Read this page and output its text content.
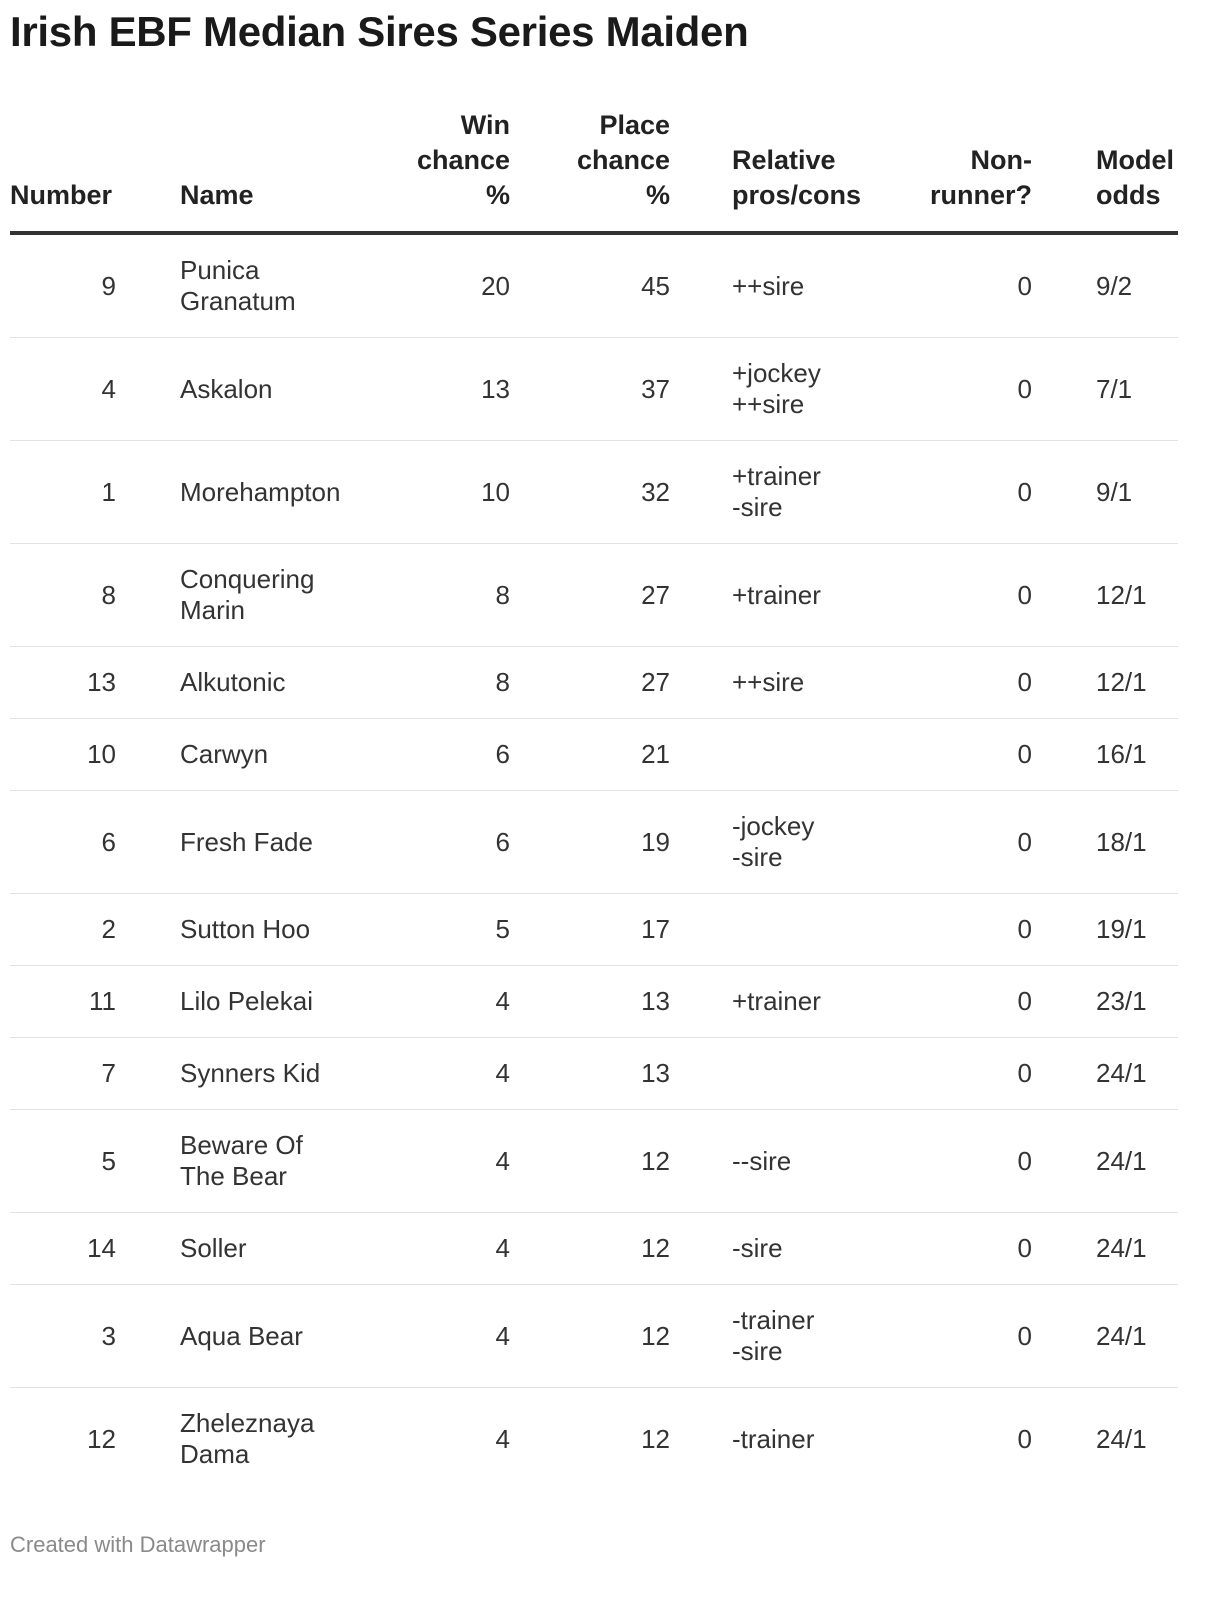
Irish EBF Median Sires Series Maiden
Number		Name	Win
chance
%	Place
chance
%		Relative
pros/cons	Non-
runner?		Model
odds

9		Punica
Granatum	20	45		++sire	0		9/2
4		Askalon	13	37		+jockey
++sire	0		7/1
1		Morehampton	10	32		+trainer
-sire	0		9/1
8		Conquering
Marin	8	27		+trainer	0		12/1
13		Alkutonic	8	27		++sire	0		12/1
10		Carwyn	6	21			0		16/1
6		Fresh Fade	6	19		-jockey
-sire	0		18/1
2		Sutton Hoo	5	17			0		19/1
11		Lilo Pelekai	4	13		+trainer	0		23/1
7		Synners Kid	4	13			0		24/1
5		Beware Of
The Bear	4	12		--sire	0		24/1
14		Soller	4	12		-sire	0		24/1
3		Aqua Bear	4	12		-trainer
-sire	0		24/1
12		Zheleznaya
Dama	4	12		-trainer	0		24/1
Created with Datawrapper
